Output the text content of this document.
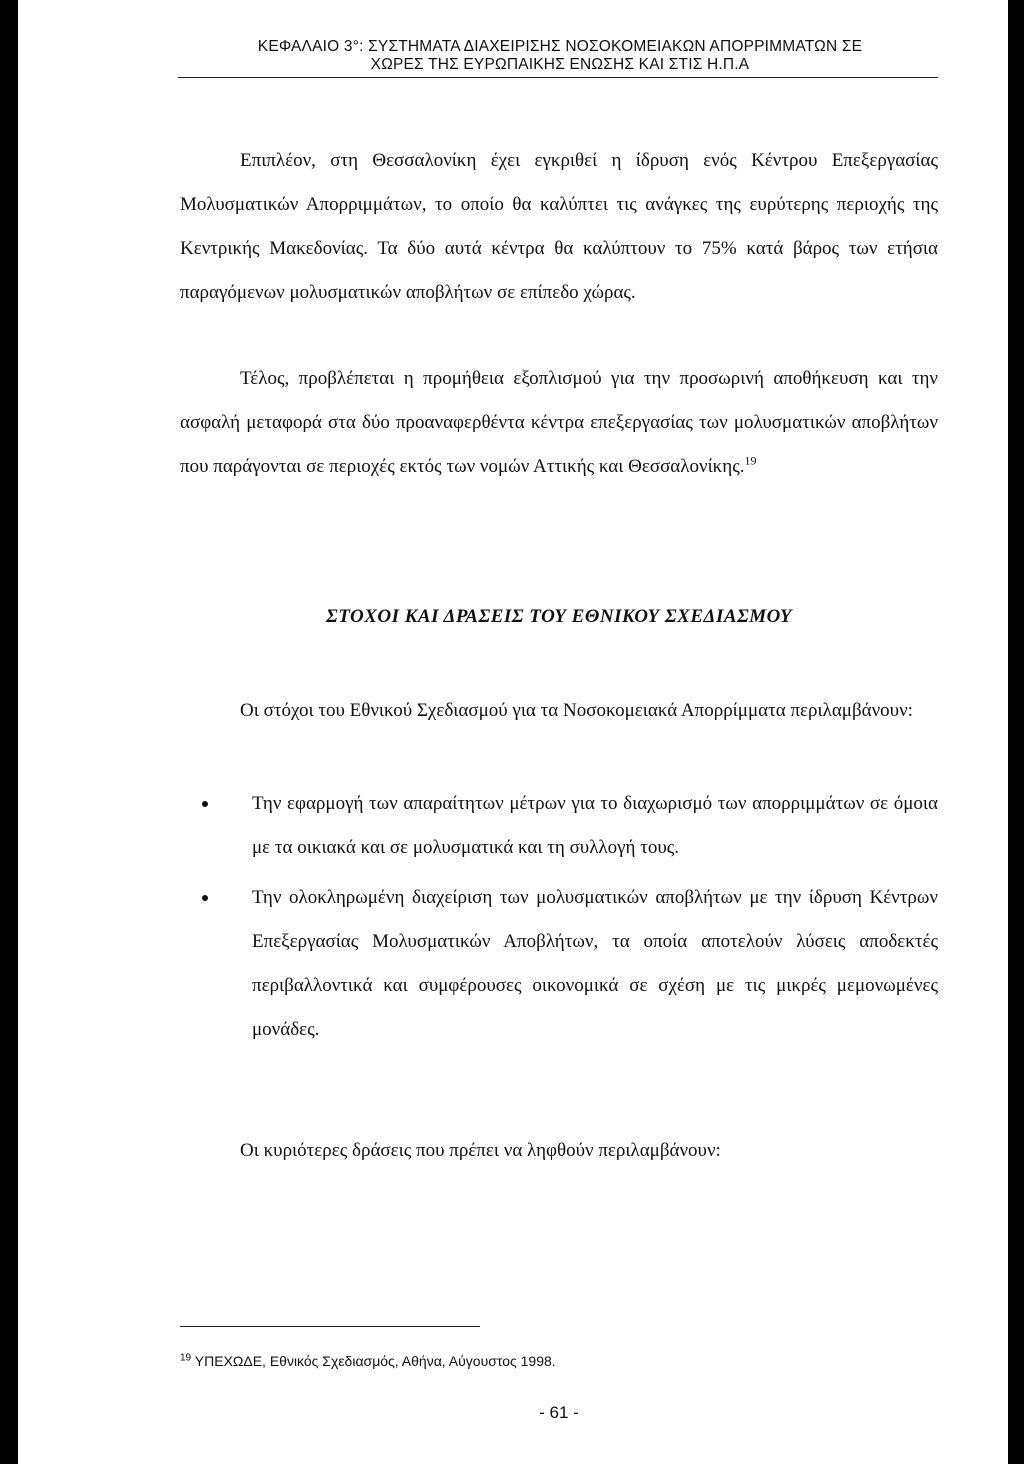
ΚΕΦΑΛΑΙΟ 3°: ΣΥΣΤΗΜΑΤΑ ΔΙΑΧΕΙΡΙΣΗΣ ΝΟΣΟΚΟΜΕΙΑΚΩΝ ΑΠΟΡΡΙΜΜΑΤΩΝ ΣΕ
ΧΩΡΕΣ ΤΗΣ ΕΥΡΩΠΑΙΚΗΣ ΕΝΩΣΗΣ ΚΑΙ ΣΤΙΣ Η.Π.Α

Επιπλέον, στη Θεσσαλονίκη έχει εγκριθεί η ίδρυση ενός Κέντρου Επεξεργασίας Μολυσματικών Απορριμμάτων, το οποίο θα καλύπτει τις ανάγκες της ευρύτερης περιοχής της Κεντρικής Μακεδονίας. Τα δύο αυτά κέντρα θα καλύπτουν το 75% κατά βάρος των ετήσια παραγόμενων μολυσματικών αποβλήτων σε επίπεδο χώρας.

Τέλος, προβλέπεται η προμήθεια εξοπλισμού για την προσωρινή αποθήκευση και την ασφαλή μεταφορά στα δύο προαναφερθέντα κέντρα επεξεργασίας των μολυσματικών αποβλήτων που παράγονται σε περιοχές εκτός των νομών Αττικής και Θεσσαλονίκης.$^{19}$

ΣΤΟΧΟΙ ΚΑΙ ΔΡΑΣΕΙΣ ΤΟΥ ΕΘΝΙΚΟΥ ΣΧΕΔΙΑΣΜΟΥ

Οι στόχοι του Εθνικού Σχεδιασμού για τα Νοσοκομειακά Απορρίμματα περιλαμβάνουν:

Την εφαρμογή των απαραίτητων μέτρων για το διαχωρισμό των απορριμμάτων σε όμοια με τα οικιακά και σε μολυσματικά και τη συλλογή τους.
Την ολοκληρωμένη διαχείριση των μολυσματικών αποβλήτων με την ίδρυση Κέντρων Επεξεργασίας Μολυσματικών Αποβλήτων, τα οποία αποτελούν λύσεις αποδεκτές περιβαλλοντικά και συμφέρουσες οικονομικά σε σχέση με τις μικρές μεμονωμένες μονάδες.

Οι κυριότερες δράσεις που πρέπει να ληφθούν περιλαμβάνουν:

$^{19}$ ΥΠΕΧΩΔΕ, Εθνικός Σχεδιασμός, Αθήνα, Αύγουστος 1998.

- 61 -
